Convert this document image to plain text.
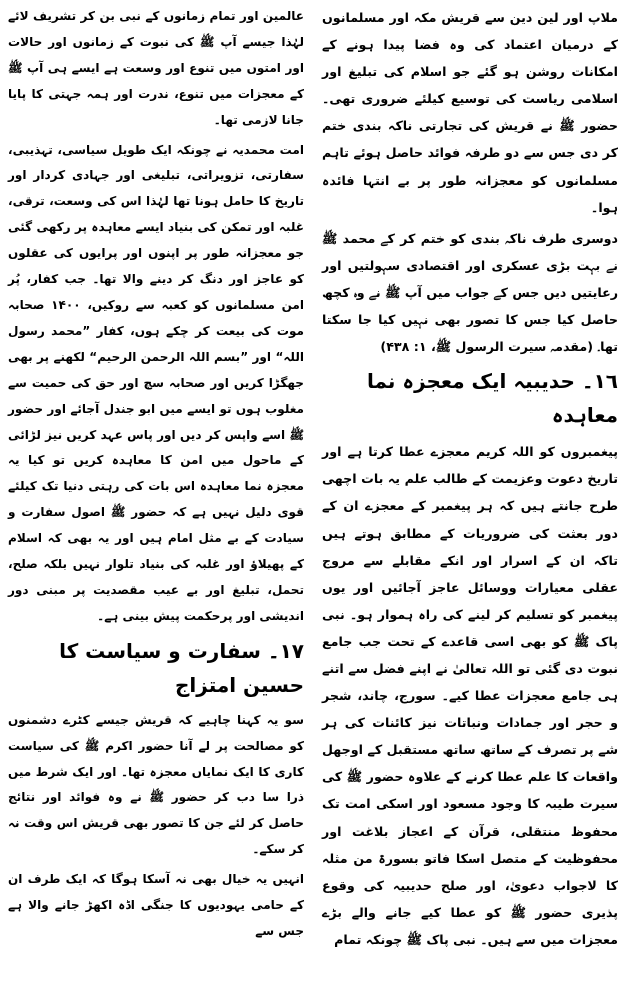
ملاپ اور لین دین سے قریش مکہ اور مسلمانوں کے درمیان اعتماد کی وہ فضا پیدا ہونے کے امکانات روشن ہو گئے جو اسلام کی تبلیغ اور اسلامی ریاست کی توسیع کیلئے ضروری تھی۔ حضور ﷺ نے قریش کی تجارتی ناکہ بندی ختم کر دی جس سے دو طرفہ فوائد حاصل ہوئے تاہم مسلمانوں کو معجزانہ طور پر بے انتہا فائدہ ہوا۔

دوسری طرف ناکہ بندی کو ختم کر کے محمد ﷺ نے بہت بڑی عسکری اور اقتصادی سہولتیں اور رعایتیں دیں جس کے جواب میں آپ ﷺ نے وہ کچھ حاصل کیا جس کا تصور بھی نہیں کیا جا سکتا تھا۔ (مقدمہ سیرت الرسول ﷺ، ۱: ۴۳۸)

١٦۔ حدیبیہ ایک معجزہ نما معاہدہ

پیغمبروں کو اللہ کریم معجزے عطا کرتا ہے اور تاریخ دعوت وعزیمت کے طالب علم یہ بات اچھی طرح جانتے ہیں کہ ہر پیغمبر کے معجزے ان کے دور بعثت کی ضروریات کے مطابق ہوتے ہیں تاکہ ان کے اسرار اور انکے مقابلے سے مروج عقلی معیارات ووسائل عاجز آجائیں اور یوں پیغمبر کو تسلیم کر لینے کی راہ ہموار ہو۔ نبی پاک ﷺ کو بھی اسی قاعدے کے تحت جب جامع نبوت دی گئی تو اللہ تعالیٰ نے اپنے فضل سے اتنے ہی جامع معجزات عطا کیے۔ سورج، چاند، شجر و حجر اور جمادات ونباتات نیز کائنات کی ہر شے پر تصرف کے ساتھ ساتھ مستقبل کے اوجھل واقعات کا علم عطا کرنے کے علاوہ حضور ﷺ کی سیرت طیبہ کا وجود مسعود اور اسکی امت تک محفوظ منتقلی، قرآن کے اعجاز بلاغت اور محفوظیت کے متصل اسکا فاتو بسورۃ من مثلہ کا لاجواب دعویٰ، اور صلح حدیبیہ کی وقوع پذیری حضور ﷺ کو عطا کیے جانے والے بڑے معجزات میں سے ہیں۔ نبی پاک ﷺ چونکہ تمام

عالمین اور تمام زمانوں کے نبی بن کر تشریف لائے لہٰذا جیسے آپ ﷺ کی نبوت کے زمانوں اور حالات اور امتوں میں تنوع اور وسعت ہے ایسے ہی آپ ﷺ کے معجزات میں تنوع، ندرت اور ہمہ جہتی کا پایا جانا لازمی تھا۔

امت محمدیہ نے چونکہ ایک طویل سیاسی، تہذیبی، سفارتی، تزویراتی، تبلیغی اور جہادی کردار اور تاریخ کا حامل ہونا تھا لہٰذا اس کی وسعت، ترقی، غلبہ اور تمکن کی بنیاد ایسے معاہدہ پر رکھی گئی جو معجزانہ طور پر اپنوں اور پرایوں کی عقلوں کو عاجز اور دنگ کر دینے والا تھا۔ جب کفار، پُر امن مسلمانوں کو کعبہ سے روکیں، ۱۴۰۰ صحابہ موت کی بیعت کر چکے ہوں، کفار ”محمد رسول اللہ“ اور ”بسم اللہ الرحمن الرحیم“ لکھنے پر بھی جھگڑا کریں اور صحابہ سچ اور حق کی حمیت سے مغلوب ہوں تو ایسے میں ابو جندل آجائے اور حضور ﷺ اسے واپس کر دیں اور پاس عہد کریں نیز لڑائی کے ماحول میں امن کا معاہدہ کریں تو کیا یہ معجزہ نما معاہدہ اس بات کی رہتی دنیا تک کیلئے قوی دلیل نہیں ہے کہ حضور ﷺ اصول سفارت و سیادت کے بے مثل امام ہیں اور یہ بھی کہ اسلام کے پھیلاؤ اور غلبہ کی بنیاد تلوار نہیں بلکہ صلح، تحمل، تبلیغ اور بے عیب مقصدیت پر مبنی دور اندیشی اور پرحکمت پیش بینی ہے۔

١٧۔ سفارت و سیاست کا حسین امتزاج

سو یہ کہنا چاہیے کہ قریش جیسے کٹرے دشمنوں کو مصالحت پر لے آنا حضور اکرم ﷺ کی سیاست کاری کا ایک نمایاں معجزہ تھا۔ اور ایک شرط میں ذرا سا دب کر حضور ﷺ نے وہ فوائد اور نتائج حاصل کر لئے جن کا تصور بھی قریش اس وقت نہ کر سکے۔

انہیں یہ خیال بھی نہ آسکا ہوگا کہ ایک طرف ان کے حامی یہودیوں کا جنگی اڈہ اکھڑ جانے والا ہے جس سے
